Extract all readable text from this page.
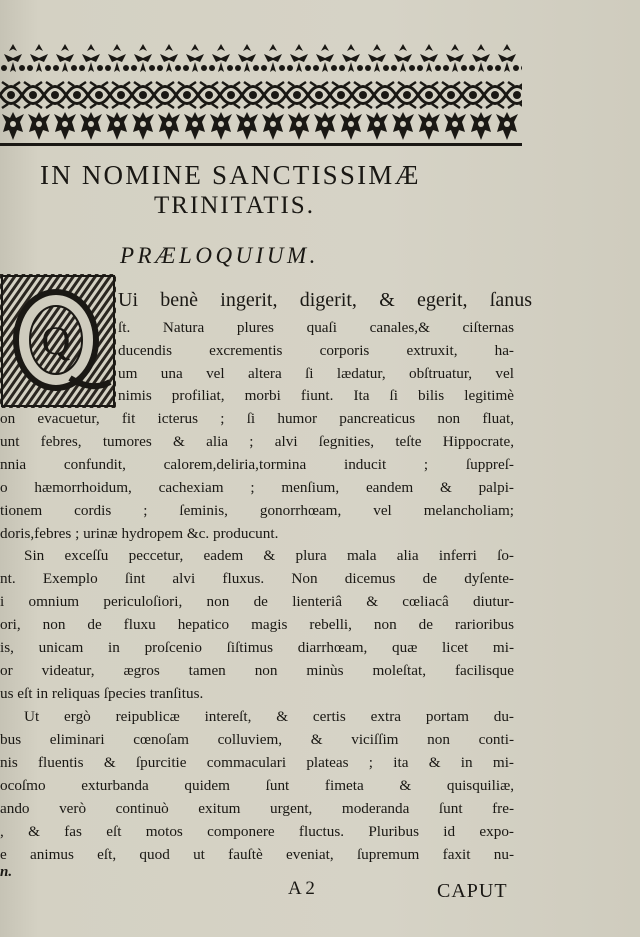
IN NOMINE SANCTISSIMÆ
TRINITATIS.
PRÆLOQUIUM.
Q
Ui benè ingerit, digerit, & egerit, ſanus
ſt. Natura plures quaſi canales,& ciſternas
ducendis excrementis corporis extruxit, ha-
um una vel altera ſi lædatur, obſtruatur, vel
nimis profiliat, morbi fiunt. Ita ſi bilis legitimè
on evacuetur, fit icterus ; ſi humor pancreaticus non fluat,
unt febres, tumores & alia ; alvi ſegnities, teſte Hippocrate,
nnia confundit, calorem,deliria,tormina inducit ; ſuppreſ-
o hæmorrhoidum, cachexiam ; menſium, eandem & palpi-
tionem cordis ; ſeminis, gonorrhœam, vel melancholiam;
doris,febres ; urinæ hydropem &c. producunt.
Sin exceſſu peccetur, eadem & plura mala alia inferri ſo-
nt. Exemplo ſint alvi fluxus. Non dicemus de dyſente-
i omnium periculoſiori, non de lienteriâ & cœliacâ diutur-
ori, non de fluxu hepatico magis rebelli, non de rarioribus
is, unicam in proſcenio ſiſtimus diarrhœam, quæ licet mi-
or videatur, ægros tamen non minùs moleſtat, facilisque
us eſt in reliquas ſpecies tranſitus.
Ut ergò reipublicæ intereſt, & certis extra portam du-
bus eliminari cœnoſam colluviem, & viciſſim non conti-
nis fluentis & ſpurcitie commaculari plateas ; ita & in mi-
ocoſmo exturbanda quidem ſunt fimeta & quisquiliæ,
ando verò continuò exitum urgent, moderanda ſunt fre-
, & fas eſt motos componere fluctus. Pluribus id expo-
e animus eſt, quod ut fauſtè eveniat, ſupremum faxit nu-
n.
A 2	CAPUT
